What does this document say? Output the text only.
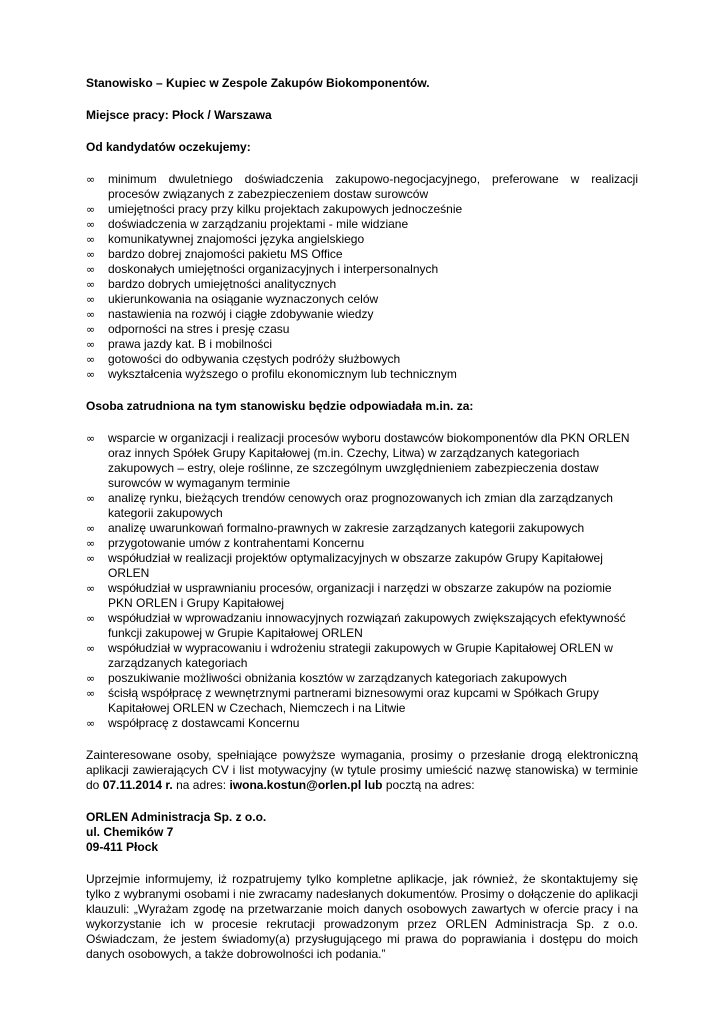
Stanowisko – Kupiec w Zespole Zakupów Biokomponentów.

Miejsce pracy: Płock / Warszawa

Od kandydatów oczekujemy:

∞	minimum dwuletniego doświadczenia zakupowo-negocjacyjnego, preferowane w realizacji procesów związanych z zabezpieczeniem dostaw surowców
∞	umiejętności pracy przy kilku projektach zakupowych jednocześnie
∞	doświadczenia w zarządzaniu projektami - mile widziane
∞	komunikatywnej znajomości języka angielskiego
∞	bardzo dobrej znajomości pakietu MS Office
∞	doskonałych umiejętności organizacyjnych i interpersonalnych
∞	bardzo dobrych umiejętności analitycznych
∞	ukierunkowania na osiąganie wyznaczonych celów
∞	nastawienia na rozwój i ciągłe zdobywanie wiedzy
∞	odporności na stres i presję czasu
∞	prawa jazdy kat. B i mobilności
∞	gotowości do odbywania częstych podróży służbowych
∞	wykształcenia wyższego o profilu ekonomicznym lub technicznym

Osoba zatrudniona na tym stanowisku będzie odpowiadała m.in. za:

∞	wsparcie w organizacji i realizacji procesów wyboru dostawców biokomponentów dla PKN ORLEN oraz innych Spółek Grupy Kapitałowej (m.in. Czechy, Litwa) w zarządzanych kategoriach zakupowych – estry, oleje roślinne, ze szczególnym uwzględnieniem zabezpieczenia dostaw surowców w wymaganym terminie
∞	analizę rynku, bieżących trendów cenowych oraz prognozowanych ich zmian dla zarządzanych kategorii zakupowych
∞	analizę uwarunkowań formalno-prawnych w zakresie zarządzanych kategorii zakupowych
∞	przygotowanie umów z kontrahentami Koncernu
∞	współudział w realizacji projektów optymalizacyjnych w obszarze zakupów Grupy Kapitałowej ORLEN
∞	współudział w usprawnianiu procesów, organizacji i narzędzi w obszarze zakupów na poziomie PKN ORLEN i Grupy Kapitałowej
∞	współudział w wprowadzaniu innowacyjnych rozwiązań zakupowych zwiększających efektywność funkcji zakupowej w Grupie Kapitałowej ORLEN
∞	współudział w wypracowaniu i wdrożeniu strategii zakupowych w Grupie Kapitałowej ORLEN w zarządzanych kategoriach
∞	poszukiwanie możliwości obniżania kosztów w zarządzanych kategoriach zakupowych
∞	ścisłą współpracę z wewnętrznymi partnerami biznesowymi oraz kupcami w Spółkach Grupy Kapitałowej ORLEN w Czechach, Niemczech i na Litwie
∞	współpracę z dostawcami Koncernu

Zainteresowane osoby, spełniające powyższe wymagania, prosimy o przesłanie drogą elektroniczną aplikacji zawierających CV i list motywacyjny (w tytule prosimy umieścić nazwę stanowiska) w terminie do 07.11.2014 r. na adres: iwona.kostun@orlen.pl lub pocztą na adres:

ORLEN Administracja Sp. z o.o.
ul. Chemików 7
09-411 Płock

Uprzejmie informujemy, iż rozpatrujemy tylko kompletne aplikacje, jak również, że skontaktujemy się tylko z wybranymi osobami i nie zwracamy nadesłanych dokumentów. Prosimy o dołączenie do aplikacji klauzuli: „Wyrażam zgodę na przetwarzanie moich danych osobowych zawartych w ofercie pracy i na wykorzystanie ich w procesie rekrutacji prowadzonym przez ORLEN Administracja Sp. z o.o. Oświadczam, że jestem świadomy(a) przysługującego mi prawa do poprawiania i dostępu do moich danych osobowych, a także dobrowolności ich podania.”
